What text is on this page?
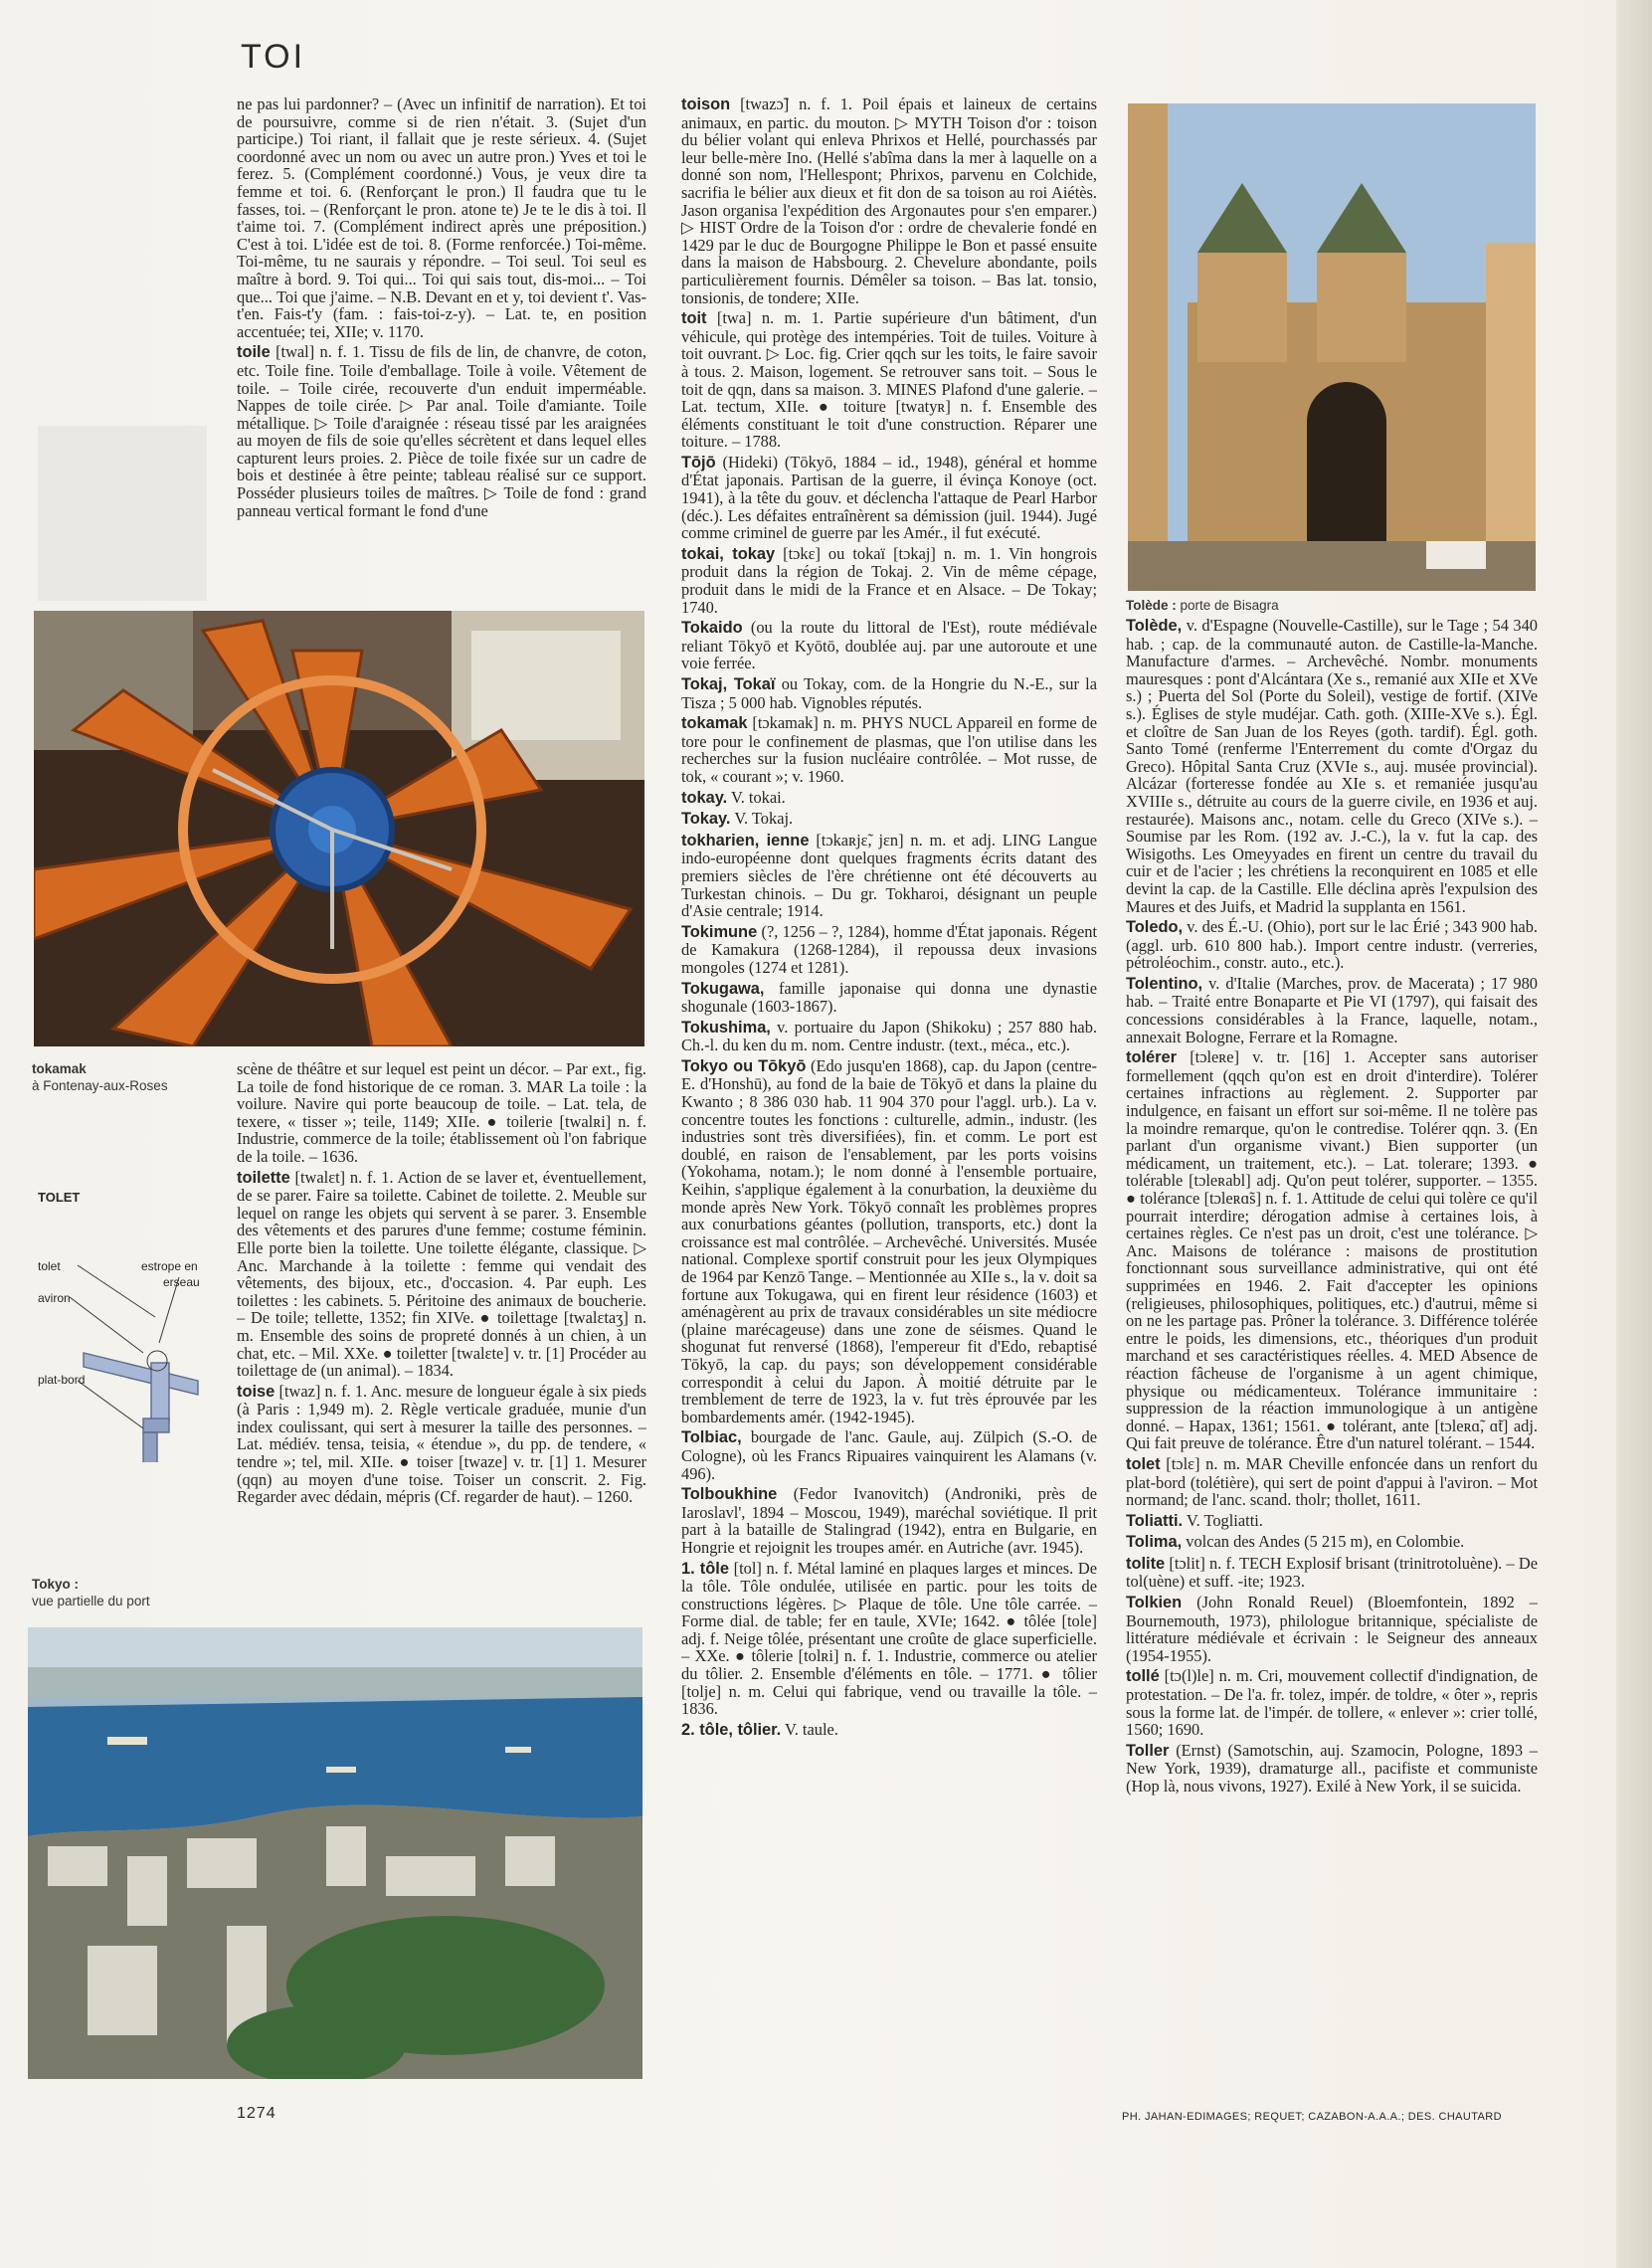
TOI

ne pas lui pardonner? – (Avec un infinitif de narration). Et toi de poursuivre, comme si de rien n'était. 3. (Sujet d'un participe.) Toi riant, il fallait que je reste sérieux. 4. (Sujet coordonné avec un nom ou avec un autre pron.) Yves et toi le ferez. 5. (Complément coordonné.) Vous, je veux dire ta femme et toi. 6. (Renforçant le pron.) Il faudra que tu le fasses, toi. – (Renforçant le pron. atone te) Je te le dis à toi. Il t'aime toi. 7. (Complément indirect après une préposition.) C'est à toi. L'idée est de toi. 8. (Forme renforcée.) Toi-même. Toi-même, tu ne saurais y répondre. – Toi seul. Toi seul es maître à bord. 9. Toi qui... Toi qui sais tout, dis-moi... – Toi que... Toi que j'aime. – N.B. Devant en et y, toi devient t'. Vas-t'en. Fais-t'y (fam. : fais-toi-z-y). – Lat. te, en position accentuée; tei, XIIe; v. 1170.

toile [twal] n. f. 1. Tissu de fils de lin, de chanvre, de coton, etc. Toile fine. Toile d'emballage. Toile à voile. Vêtement de toile. – Toile cirée, recouverte d'un enduit imperméable. Nappes de toile cirée. ▷ Par anal. Toile d'amiante. Toile métallique. ▷ Toile d'araignée : réseau tissé par les araignées au moyen de fils de soie qu'elles sécrètent et dans lequel elles capturent leurs proies. 2. Pièce de toile fixée sur un cadre de bois et destinée à être peinte; tableau réalisé sur ce support. Posséder plusieurs toiles de maîtres. ▷ Toile de fond : grand panneau vertical formant le fond d'une

tokamak
à Fontenay-aux-Roses
TOLET
tolet
aviron
estrope en
erseau
plat-bord

scène de théâtre et sur lequel est peint un décor. – Par ext., fig. La toile de fond historique de ce roman. 3. MAR La toile : la voilure. Navire qui porte beaucoup de toile. – Lat. tela, de texere, « tisser »; teile, 1149; XIIe. ● toilerie [twalʀi] n. f. Industrie, commerce de la toile; établissement où l'on fabrique de la toile. – 1636.

toilette [twalɛt] n. f. 1. Action de se laver et, éventuellement, de se parer. Faire sa toilette. Cabinet de toilette. 2. Meuble sur lequel on range les objets qui servent à se parer. 3. Ensemble des vêtements et des parures d'une femme; costume féminin. Elle porte bien la toilette. Une toilette élégante, classique. ▷ Anc. Marchande à la toilette : femme qui vendait des vêtements, des bijoux, etc., d'occasion. 4. Par euph. Les toilettes : les cabinets. 5. Péritoine des animaux de boucherie. – De toile; tellette, 1352; fin XIVe. ● toilettage [twalɛtaʒ] n. m. Ensemble des soins de propreté donnés à un chien, à un chat, etc. – Mil. XXe. ● toiletter [twalɛte] v. tr. [1] Procéder au toilettage de (un animal). – 1834.

toise [twaz] n. f. 1. Anc. mesure de longueur égale à six pieds (à Paris : 1,949 m). 2. Règle verticale graduée, munie d'un index coulissant, qui sert à mesurer la taille des personnes. – Lat. médiév. tensa, teisia, « étendue », du pp. de tendere, « tendre »; tel, mil. XIIe. ● toiser [twaze] v. tr. [1] 1. Mesurer (qqn) au moyen d'une toise. Toiser un conscrit. 2. Fig. Regarder avec dédain, mépris (Cf. regarder de haut). – 1260.

Tokyo :
vue partielle du port

toison [twazɔ̃] n. f. 1. Poil épais et laineux de certains animaux, en partic. du mouton. ▷ MYTH Toison d'or : toison du bélier volant qui enleva Phrixos et Hellé, pourchassés par leur belle-mère Ino. (Hellé s'abîma dans la mer à laquelle on a donné son nom, l'Hellespont; Phrixos, parvenu en Colchide, sacrifia le bélier aux dieux et fit don de sa toison au roi Aiétès. Jason organisa l'expédition des Argonautes pour s'en emparer.) ▷ HIST Ordre de la Toison d'or : ordre de chevalerie fondé en 1429 par le duc de Bourgogne Philippe le Bon et passé ensuite dans la maison de Habsbourg. 2. Chevelure abondante, poils particulièrement fournis. Démêler sa toison. – Bas lat. tonsio, tonsionis, de tondere; XIIe.

toit [twa] n. m. 1. Partie supérieure d'un bâtiment, d'un véhicule, qui protège des intempéries. Toit de tuiles. Voiture à toit ouvrant. ▷ Loc. fig. Crier qqch sur les toits, le faire savoir à tous. 2. Maison, logement. Se retrouver sans toit. – Sous le toit de qqn, dans sa maison. 3. MINES Plafond d'une galerie. – Lat. tectum, XIIe. ● toiture [twatyʀ] n. f. Ensemble des éléments constituant le toit d'une construction. Réparer une toiture. – 1788.

Tōjō (Hideki) (Tōkyō, 1884 – id., 1948), général et homme d'État japonais. Partisan de la guerre, il évinça Konoye (oct. 1941), à la tête du gouv. et déclencha l'attaque de Pearl Harbor (déc.). Les défaites entraînèrent sa démission (juil. 1944). Jugé comme criminel de guerre par les Amér., il fut exécuté.

tokai, tokay [tɔkɛ] ou tokaï [tɔkaj] n. m. 1. Vin hongrois produit dans la région de Tokaj. 2. Vin de même cépage, produit dans le midi de la France et en Alsace. – De Tokay; 1740.

Tokaido (ou la route du littoral de l'Est), route médiévale reliant Tōkyō et Kyōtō, doublée auj. par une autoroute et une voie ferrée.

Tokaj, Tokaï ou Tokay, com. de la Hongrie du N.-E., sur la Tisza ; 5 000 hab. Vignobles réputés.

tokamak [tɔkamak] n. m. PHYS NUCL Appareil en forme de tore pour le confinement de plasmas, que l'on utilise dans les recherches sur la fusion nucléaire contrôlée. – Mot russe, de tok, « courant »; v. 1960.

tokay. V. tokai.

Tokay. V. Tokaj.

tokharien, ienne [tɔkaʀjɛ̃, jɛn] n. m. et adj. LING Langue indo-européenne dont quelques fragments écrits datant des premiers siècles de l'ère chrétienne ont été découverts au Turkestan chinois. – Du gr. Tokharoi, désignant un peuple d'Asie centrale; 1914.

Tokimune (?, 1256 – ?, 1284), homme d'État japonais. Régent de Kamakura (1268-1284), il repoussa deux invasions mongoles (1274 et 1281).

Tokugawa, famille japonaise qui donna une dynastie shogunale (1603-1867).

Tokushima, v. portuaire du Japon (Shikoku) ; 257 880 hab. Ch.-l. du ken du m. nom. Centre industr. (text., méca., etc.).

Tokyo ou Tōkyō (Edo jusqu'en 1868), cap. du Japon (centre-E. d'Honshū), au fond de la baie de Tōkyō et dans la plaine du Kwanto ; 8 386 030 hab. 11 904 370 pour l'aggl. urb.). La v. concentre toutes les fonctions : culturelle, admin., industr. (les industries sont très diversifiées), fin. et comm. Le port est doublé, en raison de l'ensablement, par les ports voisins (Yokohama, notam.); le nom donné à l'ensemble portuaire, Keihin, s'applique également à la conurbation, la deuxième du monde après New York. Tōkyō connaît les problèmes propres aux conurbations géantes (pollution, transports, etc.) dont la croissance est mal contrôlée. – Archevêché. Universités. Musée national. Complexe sportif construit pour les jeux Olympiques de 1964 par Kenzō Tange. – Mentionnée au XIIe s., la v. doit sa fortune aux Tokugawa, qui en firent leur résidence (1603) et aménagèrent au prix de travaux considérables un site médiocre (plaine marécageuse) dans une zone de séismes. Quand le shogunat fut renversé (1868), l'empereur fit d'Edo, rebaptisé Tōkyō, la cap. du pays; son développement considérable correspondit à celui du Japon. À moitié détruite par le tremblement de terre de 1923, la v. fut très éprouvée par les bombardements amér. (1942-1945).

Tolbiac, bourgade de l'anc. Gaule, auj. Zülpich (S.-O. de Cologne), où les Francs Ripuaires vainquirent les Alamans (v. 496).

Tolboukhine (Fedor Ivanovitch) (Androniki, près de Iaroslavl', 1894 – Moscou, 1949), maréchal soviétique. Il prit part à la bataille de Stalingrad (1942), entra en Bulgarie, en Hongrie et rejoignit les troupes amér. en Autriche (avr. 1945).

1. tôle [tol] n. f. Métal laminé en plaques larges et minces. De la tôle. Tôle ondulée, utilisée en partic. pour les toits de constructions légères. ▷ Plaque de tôle. Une tôle carrée. – Forme dial. de table; fer en taule, XVIe; 1642. ● tôlée [tole] adj. f. Neige tôlée, présentant une croûte de glace superficielle. – XXe. ● tôlerie [tolʀi] n. f. 1. Industrie, commerce ou atelier du tôlier. 2. Ensemble d'éléments en tôle. – 1771. ● tôlier [tolje] n. m. Celui qui fabrique, vend ou travaille la tôle. – 1836.

2. tôle, tôlier. V. taule.

Tolède : porte de Bisagra

Tolède, v. d'Espagne (Nouvelle-Castille), sur le Tage ; 54 340 hab. ; cap. de la communauté auton. de Castille-la-Manche. Manufacture d'armes. – Archevêché. Nombr. monuments mauresques : pont d'Alcántara (Xe s., remanié aux XIIe et XVe s.) ; Puerta del Sol (Porte du Soleil), vestige de fortif. (XIVe s.). Églises de style mudéjar. Cath. goth. (XIIIe-XVe s.). Égl. et cloître de San Juan de los Reyes (goth. tardif). Égl. goth. Santo Tomé (renferme l'Enterrement du comte d'Orgaz du Greco). Hôpital Santa Cruz (XVIe s., auj. musée provincial). Alcázar (forteresse fondée au XIe s. et remaniée jusqu'au XVIIIe s., détruite au cours de la guerre civile, en 1936 et auj. restaurée). Maisons anc., notam. celle du Greco (XIVe s.). – Soumise par les Rom. (192 av. J.-C.), la v. fut la cap. des Wisigoths. Les Omeyyades en firent un centre du travail du cuir et de l'acier ; les chrétiens la reconquirent en 1085 et elle devint la cap. de la Castille. Elle déclina après l'expulsion des Maures et des Juifs, et Madrid la supplanta en 1561.

Toledo, v. des É.-U. (Ohio), port sur le lac Érié ; 343 900 hab. (aggl. urb. 610 800 hab.). Import centre industr. (verreries, pétroléochim., constr. auto., etc.).

Tolentino, v. d'Italie (Marches, prov. de Macerata) ; 17 980 hab. – Traité entre Bonaparte et Pie VI (1797), qui faisait des concessions considérables à la France, laquelle, notam., annexait Bologne, Ferrare et la Romagne.

tolérer [tɔleʀe] v. tr. [16] 1. Accepter sans autoriser formellement (qqch qu'on est en droit d'interdire). Tolérer certaines infractions au règlement. 2. Supporter par indulgence, en faisant un effort sur soi-même. Il ne tolère pas la moindre remarque, qu'on le contredise. Tolérer qqn. 3. (En parlant d'un organisme vivant.) Bien supporter (un médicament, un traitement, etc.). – Lat. tolerare; 1393. ● tolérable [tɔleʀabl] adj. Qu'on peut tolérer, supporter. – 1355. ● tolérance [tɔleʀɑ̃s] n. f. 1. Attitude de celui qui tolère ce qu'il pourrait interdire; dérogation admise à certaines lois, à certaines règles. Ce n'est pas un droit, c'est une tolérance. ▷ Anc. Maisons de tolérance : maisons de prostitution fonctionnant sous surveillance administrative, qui ont été supprimées en 1946. 2. Fait d'accepter les opinions (religieuses, philosophiques, politiques, etc.) d'autrui, même si on ne les partage pas. Prôner la tolérance. 3. Différence tolérée entre le poids, les dimensions, etc., théoriques d'un produit marchand et ses caractéristiques réelles. 4. MED Absence de réaction fâcheuse de l'organisme à un agent chimique, physique ou médicamenteux. Tolérance immunitaire : suppression de la réaction immunologique à un antigène donné. – Hapax, 1361; 1561. ● tolérant, ante [tɔleʀɑ̃, ɑ̃t] adj. Qui fait preuve de tolérance. Être d'un naturel tolérant. – 1544.

tolet [tɔlɛ] n. m. MAR Cheville enfoncée dans un renfort du plat-bord (tolétière), qui sert de point d'appui à l'aviron. – Mot normand; de l'anc. scand. tholr; thollet, 1611.

Toliatti. V. Togliatti.

Tolima, volcan des Andes (5 215 m), en Colombie.

tolite [tɔlit] n. f. TECH Explosif brisant (trinitrotoluène). – De tol(uène) et suff. -ite; 1923.

Tolkien (John Ronald Reuel) (Bloemfontein, 1892 – Bournemouth, 1973), philologue britannique, spécialiste de littérature médiévale et écrivain : le Seigneur des anneaux (1954-1955).

tollé [tɔ(l)le] n. m. Cri, mouvement collectif d'indignation, de protestation. – De l'a. fr. tolez, impér. de toldre, « ôter », repris sous la forme lat. de l'impér. de tollere, « enlever »: crier tollé, 1560; 1690.

Toller (Ernst) (Samotschin, auj. Szamocin, Pologne, 1893 – New York, 1939), dramaturge all., pacifiste et communiste (Hop là, nous vivons, 1927). Exilé à New York, il se suicida.

1274	PH. JAHAN-EDIMAGES; REQUET; CAZABON-A.A.A.; DES. CHAUTARD
